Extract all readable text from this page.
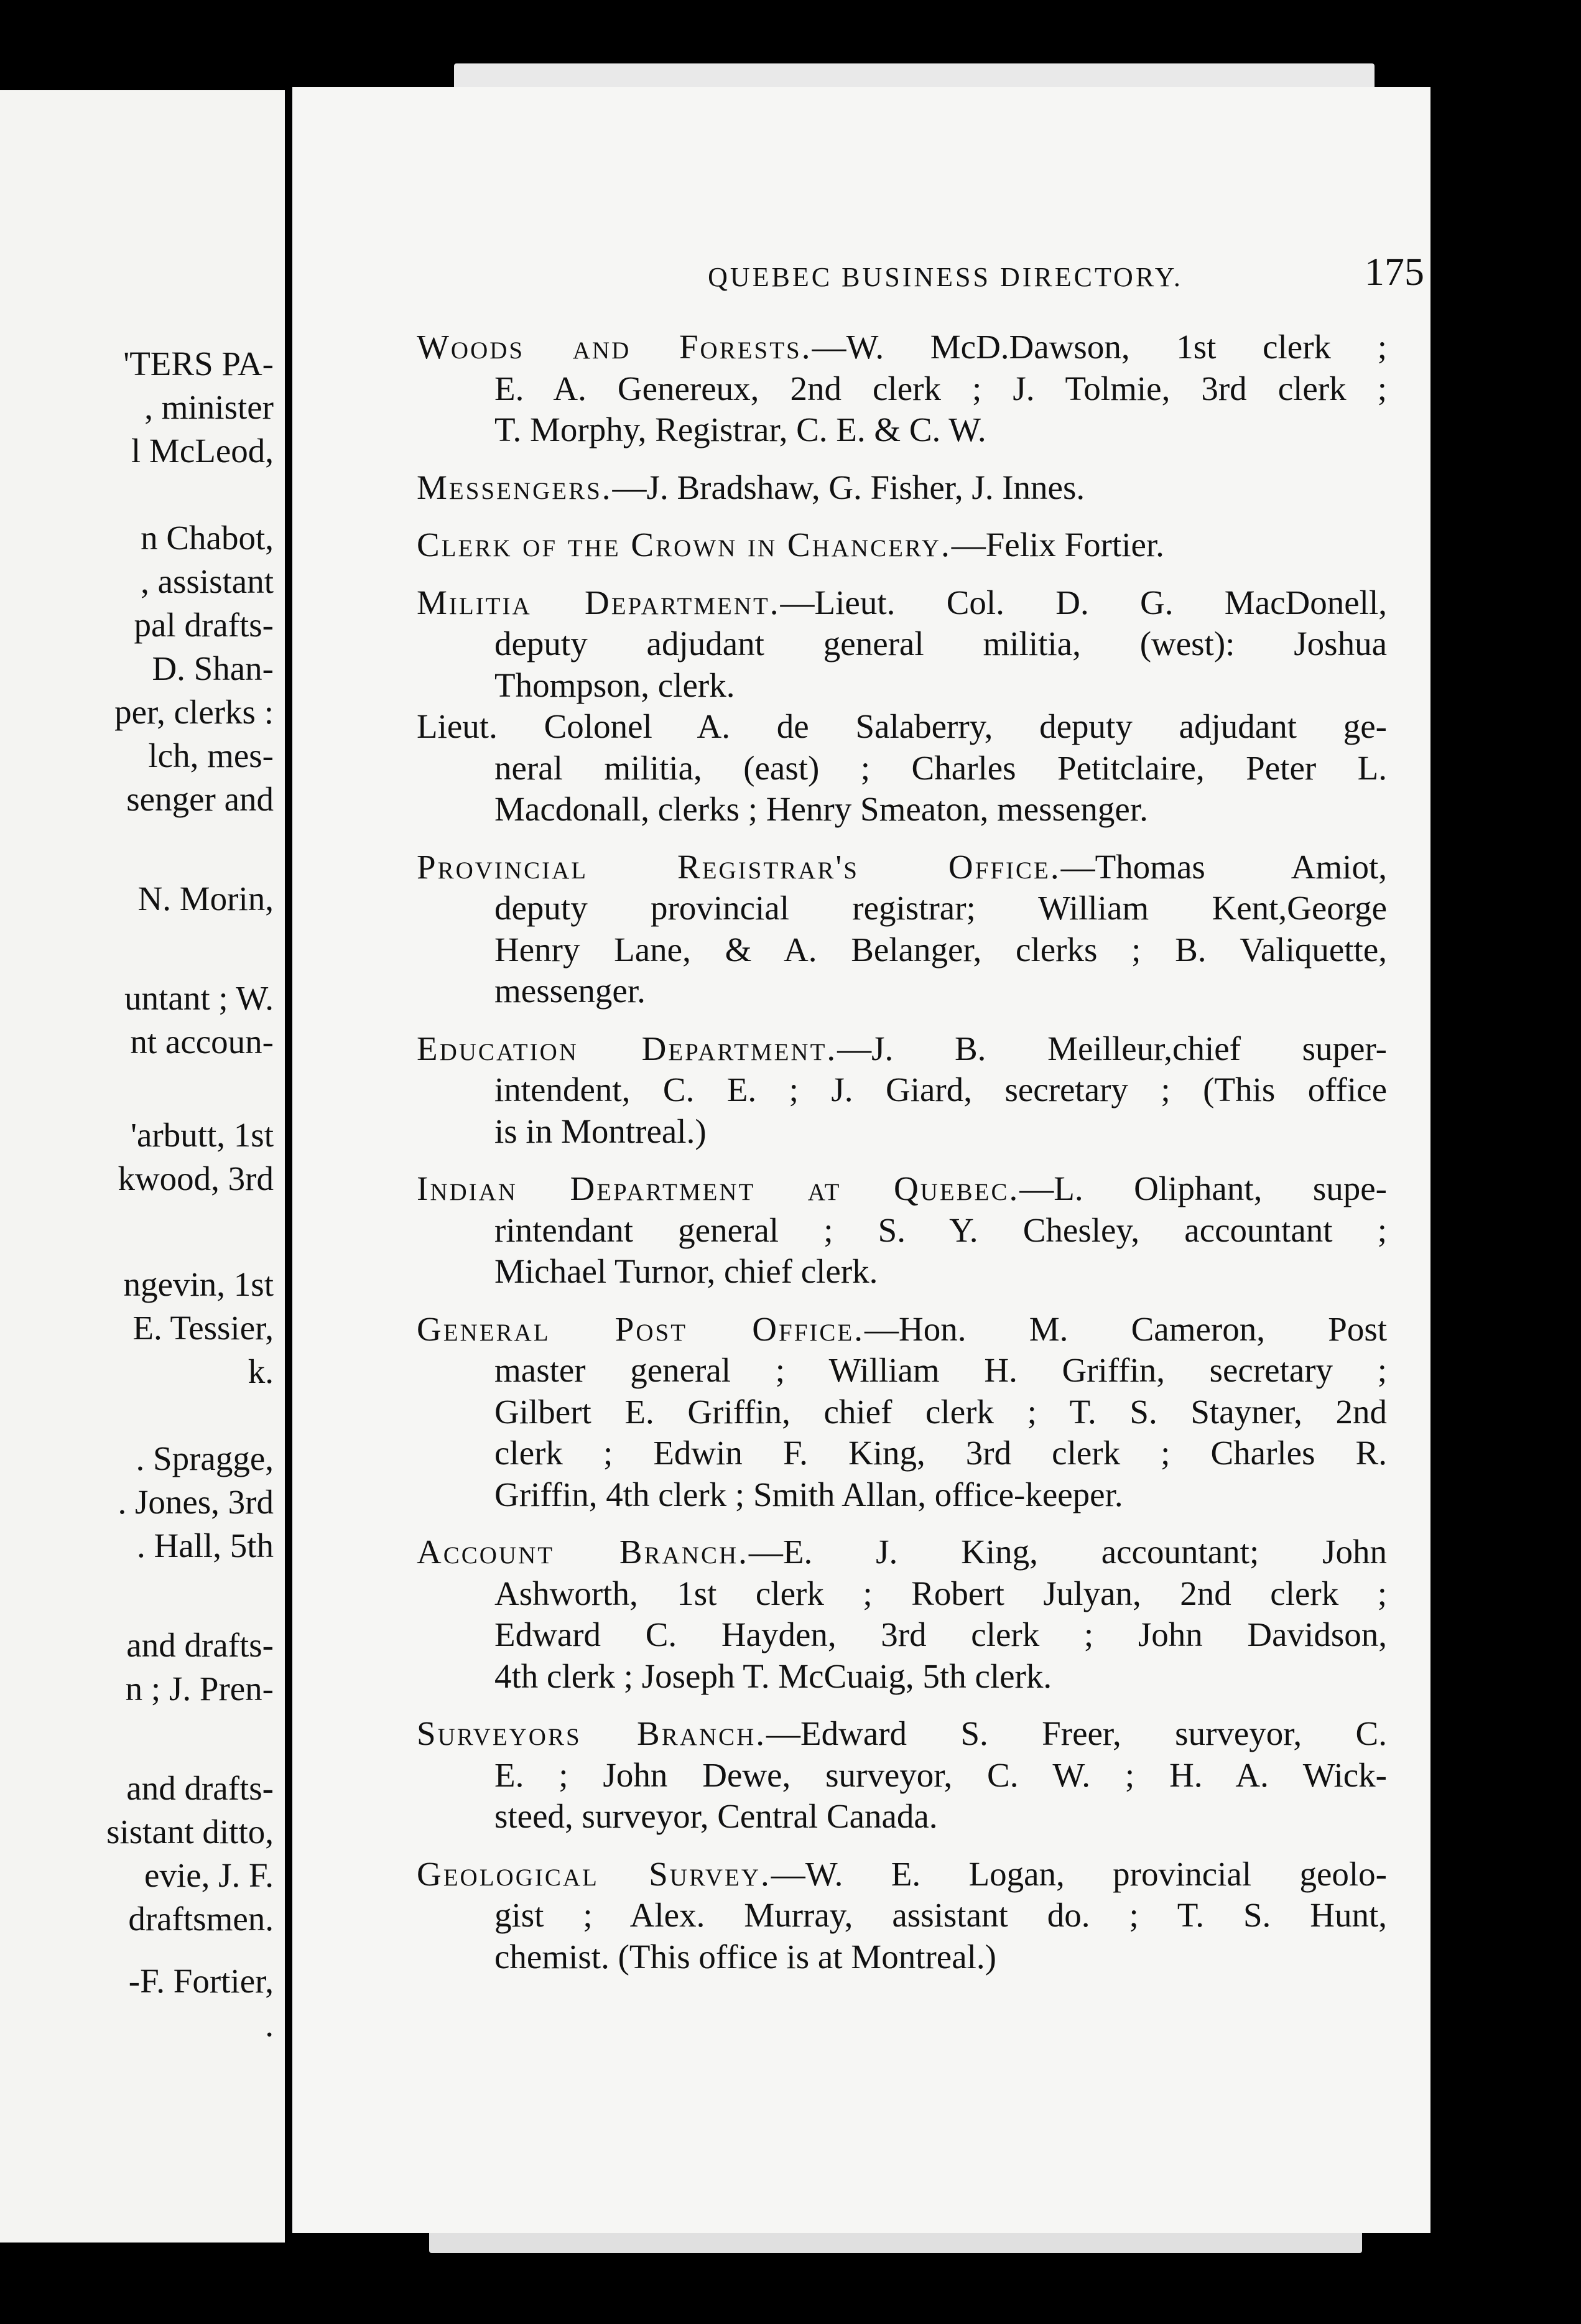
'TERS PA-
, minister
l McLeod,
n Chabot,
, assistant
pal drafts-
D. Shan-
per, clerks :
lch, mes-
senger and
N. Morin,
untant ; W.
nt accoun-
'arbutt, 1st
kwood, 3rd
ngevin, 1st
E. Tessier,
k.
. Spragge,
. Jones, 3rd
. Hall, 5th
and drafts-
n ; J. Pren-
and drafts-
sistant ditto,
evie, J. F.
draftsmen.
-F. Fortier,
.
QUEBEC BUSINESS DIRECTORY.	175
Woods and Forests.—W. McD.Dawson, 1st clerk ;
E. A. Genereux, 2nd clerk ; J. Tolmie, 3rd clerk ;
T. Morphy, Registrar, C. E. & C. W.
Messengers.—J. Bradshaw, G. Fisher, J. Innes.
Clerk of the Crown in Chancery.—Felix Fortier.
Militia Department.—Lieut. Col. D. G. MacDonell,
deputy adjudant general militia, (west): Joshua
Thompson, clerk.
Lieut. Colonel A. de Salaberry, deputy adjudant ge-
neral militia, (east) ; Charles Petitclaire, Peter L.
Macdonall, clerks ; Henry Smeaton, messenger.
Provincial Registrar's Office.—Thomas Amiot,
deputy provincial registrar; William Kent,George
Henry Lane, & A. Belanger, clerks ; B. Valiquette,
messenger.
Education Department.—J. B. Meilleur,chief super-
intendent, C. E. ; J. Giard, secretary ; (This office
is in Montreal.)
Indian Department at Quebec.—L. Oliphant, supe-
rintendant general ; S. Y. Chesley, accountant ;
Michael Turnor, chief clerk.
General Post Office.—Hon. M. Cameron, Post
master general ; William H. Griffin, secretary ;
Gilbert E. Griffin, chief clerk ; T. S. Stayner, 2nd
clerk ; Edwin F. King, 3rd clerk ; Charles R.
Griffin, 4th clerk ; Smith Allan, office-keeper.
Account Branch.—E. J. King, accountant; John
Ashworth, 1st clerk ; Robert Julyan, 2nd clerk ;
Edward C. Hayden, 3rd clerk ; John Davidson,
4th clerk ; Joseph T. McCuaig, 5th clerk.
Surveyors Branch.—Edward S. Freer, surveyor, C.
E. ; John Dewe, surveyor, C. W. ; H. A. Wick-
steed, surveyor, Central Canada.
Geological Survey.—W. E. Logan, provincial geolo-
gist ; Alex. Murray, assistant do. ; T. S. Hunt,
chemist. (This office is at Montreal.)
